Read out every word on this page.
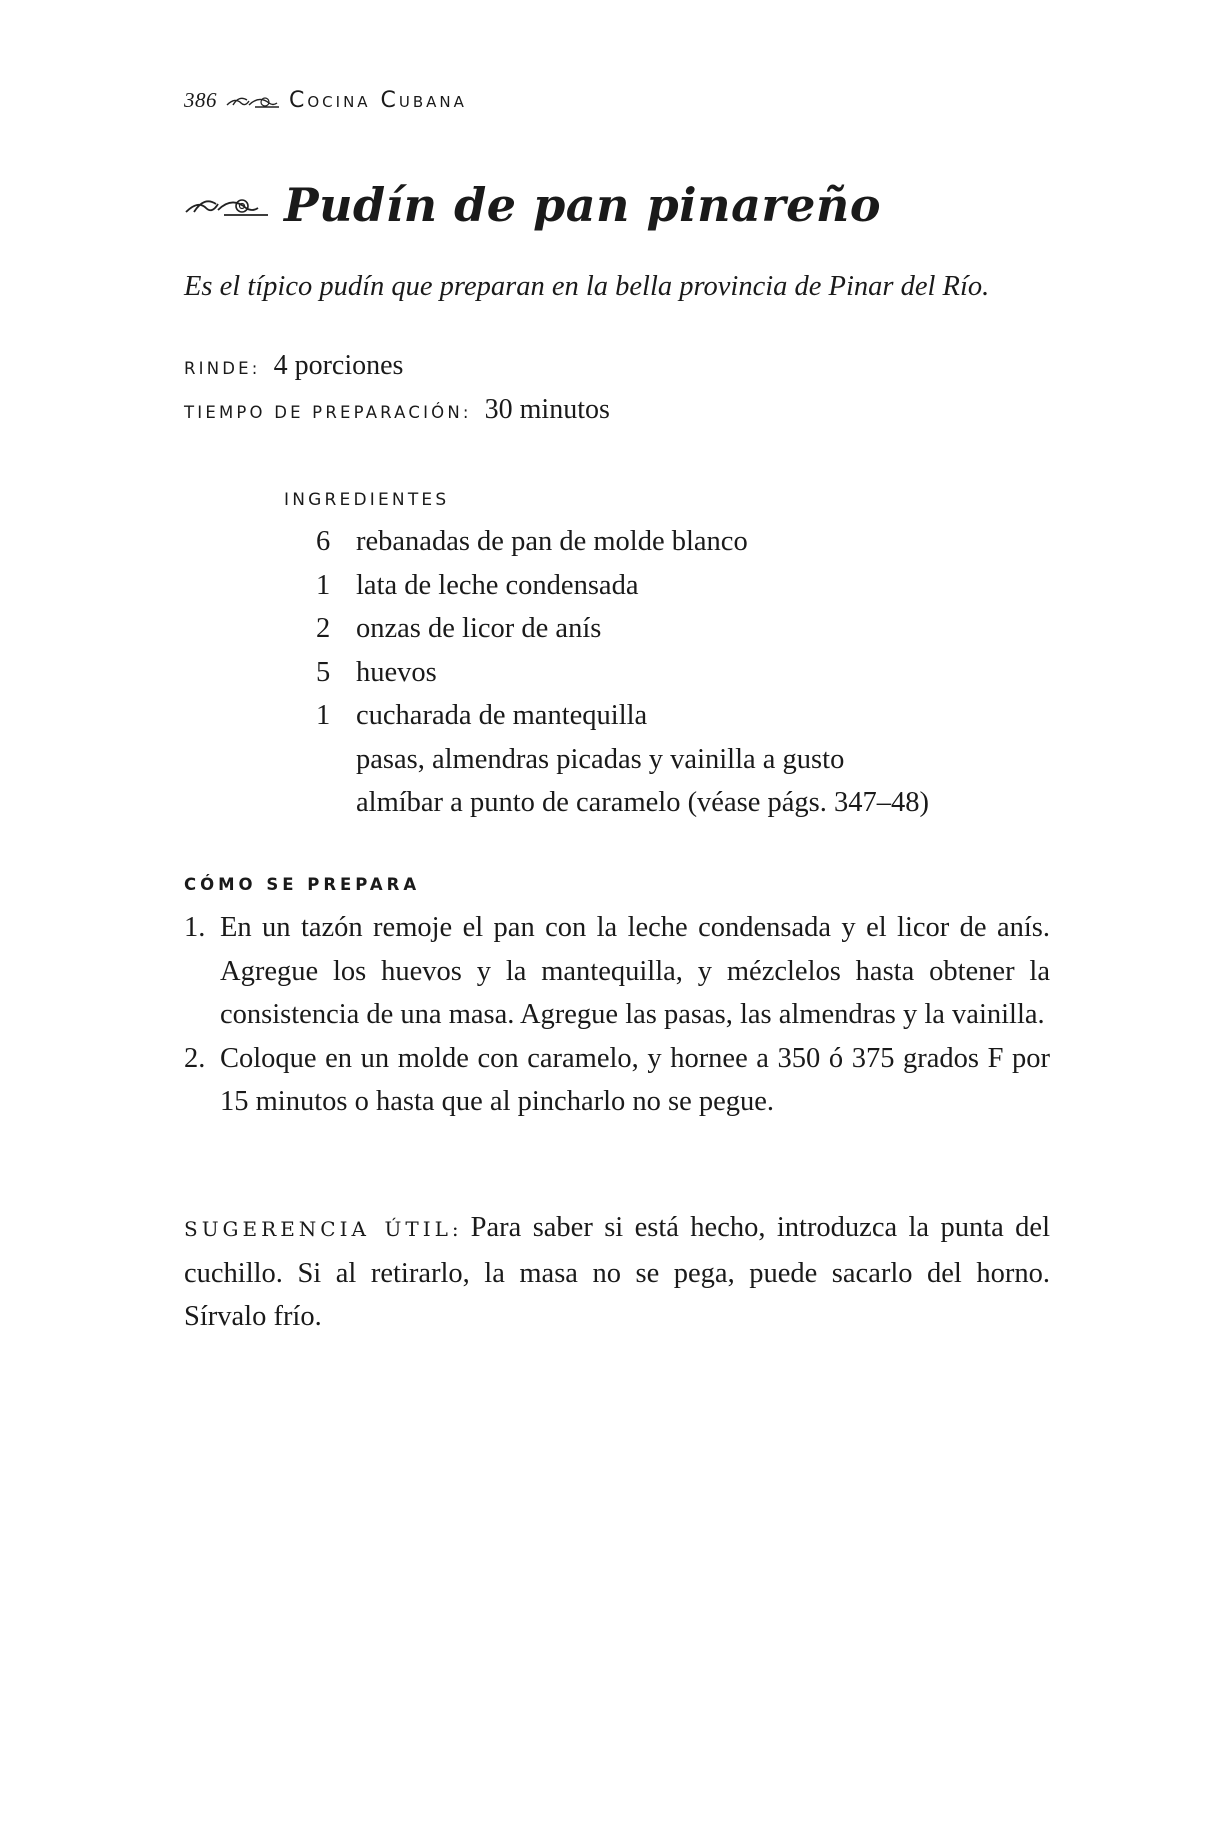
386	Cocina Cubana
Pudín de pan pinareño

Es el típico pudín que preparan en la bella provincia de Pinar del Río.

RINDE: 4 porciones
TIEMPO DE PREPARACIÓN: 30 minutos
INGREDIENTES
6 rebanadas de pan de molde blanco
1 lata de leche condensada
2 onzas de licor de anís
5 huevos
1 cucharada de mantequilla
pasas, almendras picadas y vainilla a gusto
almíbar a punto de caramelo (véase págs. 347–48)
CÓMO SE PREPARA
1. En un tazón remoje el pan con la leche condensada y el licor de anís. Agregue los huevos y la mantequilla, y mézclelos hasta obtener la consistencia de una masa. Agregue las pasas, las almendras y la vainilla.
2. Coloque en un molde con caramelo, y hornee a 350 ó 375 grados F por 15 minutos o hasta que al pincharlo no se pegue.

SUGERENCIA ÚTIL: Para saber si está hecho, introduzca la punta del cuchillo. Si al retirarlo, la masa no se pega, puede sacarlo del horno. Sírvalo frío.
